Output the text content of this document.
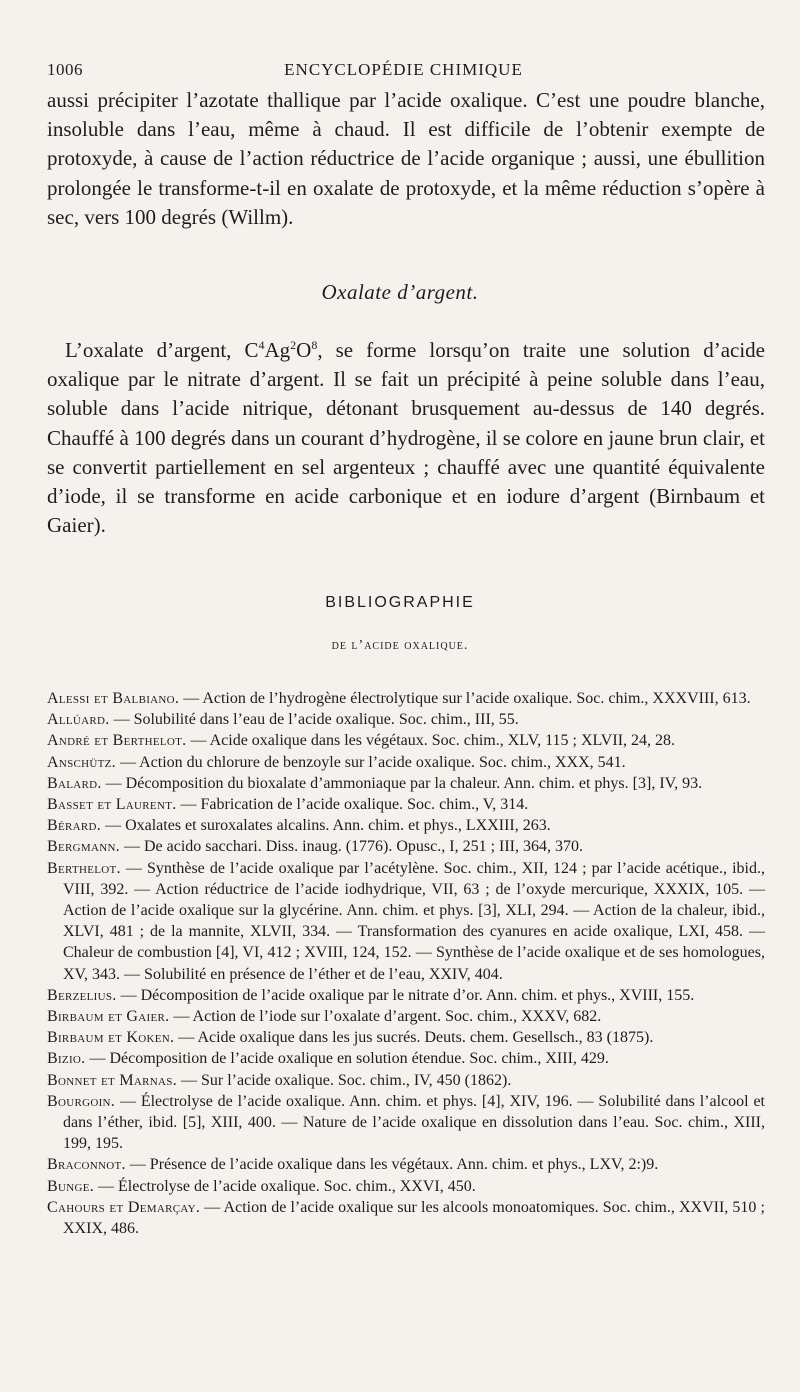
1006	ENCYCLOPÉDIE CHIMIQUE

aussi précipiter l’azotate thallique par l’acide oxalique. C’est une poudre blanche, insoluble dans l’eau, même à chaud. Il est difficile de l’obtenir exempte de protoxyde, à cause de l’action réductrice de l’acide organique ; aussi, une ébullition prolongée le transforme-t-il en oxalate de protoxyde, et la même réduction s’opère à sec, vers 100 degrés (Willm).

Oxalate d’argent.

L’oxalate d’argent, $C^4Ag^2O^8$, se forme lorsqu’on traite une solution d’acide oxalique par le nitrate d’argent. Il se fait un précipité à peine soluble dans l’eau, soluble dans l’acide nitrique, détonant brusquement au-dessus de 140 degrés. Chauffé à 100 degrés dans un courant d’hydrogène, il se colore en jaune brun clair, et se convertit partiellement en sel argenteux ; chauffé avec une quantité équivalente d’iode, il se transforme en acide carbonique et en iodure d’argent (Birnbaum et Gaier).

BIBLIOGRAPHIE
de l’acide oxalique.
Alessi et Balbiano. — Action de l’hydrogène électrolytique sur l’acide oxalique. Soc. chim., XXXVIII, 613.
Allúard. — Solubilité dans l’eau de l’acide oxalique. Soc. chim., III, 55.
André et Berthelot. — Acide oxalique dans les végétaux. Soc. chim., XLV, 115 ; XLVII, 24, 28.
Anschütz. — Action du chlorure de benzoyle sur l’acide oxalique. Soc. chim., XXX, 541.
Balard. — Décomposition du bioxalate d’ammoniaque par la chaleur. Ann. chim. et phys. [3], IV, 93.
Basset et Laurent. — Fabrication de l’acide oxalique. Soc. chim., V, 314.
Bérard. — Oxalates et suroxalates alcalins. Ann. chim. et phys., LXXIII, 263.
Bergmann. — De acido sacchari. Diss. inaug. (1776). Opusc., I, 251 ; III, 364, 370.
Berthelot. — Synthèse de l’acide oxalique par l’acétylène. Soc. chim., XII, 124 ; par l’acide acétique., ibid., VIII, 392. — Action réductrice de l’acide iodhydrique, VII, 63 ; de l’oxyde mercurique, XXXIX, 105. — Action de l’acide oxalique sur la glycérine. Ann. chim. et phys. [3], XLI, 294. — Action de la chaleur, ibid., XLVI, 481 ; de la mannite, XLVII, 334. — Transformation des cyanures en acide oxalique, LXI, 458. — Chaleur de combustion [4], VI, 412 ; XVIII, 124, 152. — Synthèse de l’acide oxalique et de ses homologues, XV, 343. — Solubilité en présence de l’éther et de l’eau, XXIV, 404.
Berzelius. — Décomposition de l’acide oxalique par le nitrate d’or. Ann. chim. et phys., XVIII, 155.
Birbaum et Gaier. — Action de l’iode sur l’oxalate d’argent. Soc. chim., XXXV, 682.
Birbaum et Koken. — Acide oxalique dans les jus sucrés. Deuts. chem. Gesellsch., 83 (1875).
Bizio. — Décomposition de l’acide oxalique en solution étendue. Soc. chim., XIII, 429.
Bonnet et Marnas. — Sur l’acide oxalique. Soc. chim., IV, 450 (1862).
Bourgoin. — Électrolyse de l’acide oxalique. Ann. chim. et phys. [4], XIV, 196. — Solubilité dans l’alcool et dans l’éther, ibid. [5], XIII, 400. — Nature de l’acide oxalique en dissolution dans l’eau. Soc. chim., XIII, 199, 195.
Braconnot. — Présence de l’acide oxalique dans les végétaux. Ann. chim. et phys., LXV, 2:)9.
Bunge. — Électrolyse de l’acide oxalique. Soc. chim., XXVI, 450.
Cahours et Demarçay. — Action de l’acide oxalique sur les alcools monoatomiques. Soc. chim., XXVII, 510 ; XXIX, 486.
